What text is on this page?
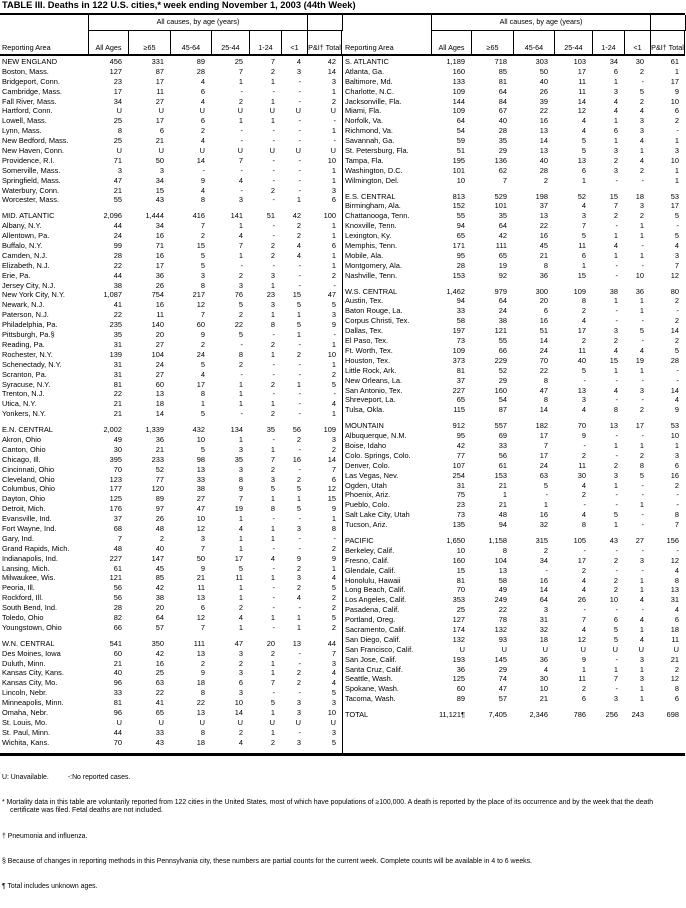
TABLE III. Deaths in 122 U.S. cities,* week ending November 1, 2003 (44th Week)
All causes, by age (years)
Reporting Area	All Ages	≥65	45-64	25-44	1-24	<1	P&I† Total
All causes, by age (years)
Reporting Area	All Ages	≥65	45-64	25-44	1-24	<1	P&I† Total
NEW ENGLAND	456	331	89	25	7	4	42
Boston, Mass.	127	87	28	7	2	3	14
Bridgeport, Conn.	23	17	4	1	1	-	3
Cambridge, Mass.	17	11	6	-	-	-	1
Fall River, Mass.	34	27	4	2	1	-	2
Hartford, Conn.	U	U	U	U	U	U	U
Lowell, Mass.	25	17	6	1	1	-	-
Lynn, Mass.	8	6	2	-	-	-	1
New Bedford, Mass.	25	21	4	-	-	-	-
New Haven, Conn.	U	U	U	U	U	U	U
Providence, R.I.	71	50	14	7	-	-	10
Somerville, Mass.	3	3	-	-	-	-	1
Springfield, Mass.	47	34	9	4	-	-	1
Waterbury, Conn.	21	15	4	-	2	-	3
Worcester, Mass.	55	43	8	3	-	1	6
MID. ATLANTIC	2,096	1,444	416	141	51	42	100
Albany, N.Y.	44	34	7	1	-	2	1
Allentown, Pa.	24	16	2	4	-	2	1
Buffalo, N.Y.	99	71	15	7	2	4	6
Camden, N.J.	28	16	5	1	2	4	1
Elizabeth, N.J.	22	17	5	-	-	-	1
Erie, Pa.	44	36	3	2	3	-	2
Jersey City, N.J.	38	26	8	3	1	-	-
New York City, N.Y.	1,087	754	217	76	23	15	47
Newark, N.J.	41	16	12	5	3	5	5
Paterson, N.J.	22	11	7	2	1	1	3
Philadelphia, Pa.	235	140	60	22	8	5	9
Pittsburgh, Pa.§	35	20	9	5	-	1	-
Reading, Pa.	31	27	2	-	2	-	1
Rochester, N.Y.	139	104	24	8	1	2	10
Schenectady, N.Y.	31	24	5	2	-	-	1
Scranton, Pa.	31	27	4	-	-	-	2
Syracuse, N.Y.	81	60	17	1	2	1	5
Trenton, N.J.	22	13	8	1	-	-	-
Utica, N.Y.	21	18	1	1	1	-	4
Yonkers, N.Y.	21	14	5	-	2	-	1
E.N. CENTRAL	2,002	1,339	432	134	35	56	109
Akron, Ohio	49	36	10	1	-	2	3
Canton, Ohio	30	21	5	3	1	-	2
Chicago, Ill.	395	233	98	35	7	16	14
Cincinnati, Ohio	70	52	13	3	2	-	7
Cleveland, Ohio	123	77	33	8	3	2	6
Columbus, Ohio	177	120	38	9	5	5	12
Dayton, Ohio	125	89	27	7	1	1	15
Detroit, Mich.	176	97	47	19	8	5	9
Evansville, Ind.	37	26	10	1	-	-	1
Fort Wayne, Ind.	68	48	12	4	1	3	8
Gary, Ind.	7	2	3	1	1	-	-
Grand Rapids, Mich.	48	40	7	1	-	-	2
Indianapolis, Ind.	227	147	50	17	4	9	9
Lansing, Mich.	61	45	9	5	-	2	1
Milwaukee, Wis.	121	85	21	11	1	3	4
Peoria, Ill.	56	42	11	1	-	2	5
Rockford, Ill.	56	38	13	1	-	4	2
South Bend, Ind.	28	20	6	2	-	-	2
Toledo, Ohio	82	64	12	4	1	1	5
Youngstown, Ohio	66	57	7	1	-	1	2
W.N. CENTRAL	541	350	111	47	20	13	44
Des Moines, Iowa	60	42	13	3	2	-	7
Duluth, Minn.	21	16	2	2	1	-	3
Kansas City, Kans.	40	25	9	3	1	2	4
Kansas City, Mo.	96	63	18	6	7	2	4
Lincoln, Nebr.	33	22	8	3	-	-	5
Minneapolis, Minn.	81	41	22	10	5	3	3
Omaha, Nebr.	96	65	13	14	1	3	10
St. Louis, Mo.	U	U	U	U	U	U	U
St. Paul, Minn.	44	33	8	2	1	-	3
Wichita, Kans.	70	43	18	4	2	3	5
S. ATLANTIC	1,189	718	303	103	34	30	61
Atlanta, Ga.	160	85	50	17	6	2	1
Baltimore, Md.	133	81	40	11	1	-	17
Charlotte, N.C.	109	64	26	11	3	5	9
Jacksonville, Fla.	144	84	39	14	4	2	10
Miami, Fla.	109	67	22	12	4	4	6
Norfolk, Va.	64	40	16	4	1	3	2
Richmond, Va.	54	28	13	4	6	3	-
Savannah, Ga.	59	35	14	5	1	4	1
St. Petersburg, Fla.	51	29	13	5	3	1	3
Tampa, Fla.	195	136	40	13	2	4	10
Washington, D.C.	101	62	28	6	3	2	1
Wilmington, Del.	10	7	2	1	-	-	1
E.S. CENTRAL	813	529	198	52	15	18	53
Birmingham, Ala.	152	101	37	4	7	3	17
Chattanooga, Tenn.	55	35	13	3	2	2	5
Knoxville, Tenn.	94	64	22	7	-	1	-
Lexington, Ky.	65	42	16	5	1	1	5
Memphis, Tenn.	171	111	45	11	4	-	4
Mobile, Ala.	95	65	21	6	1	1	3
Montgomery, Ala.	28	19	8	1	-	-	7
Nashville, Tenn.	153	92	36	15	-	10	12
W.S. CENTRAL	1,462	979	300	109	38	36	80
Austin, Tex.	94	64	20	8	1	1	2
Baton Rouge, La.	33	24	6	2	-	1	-
Corpus Christi, Tex.	58	38	16	4	-	-	2
Dallas, Tex.	197	121	51	17	3	5	14
El Paso, Tex.	73	55	14	2	2	-	2
Ft. Worth, Tex.	109	66	24	11	4	4	5
Houston, Tex.	373	229	70	40	15	19	28
Little Rock, Ark.	81	52	22	5	1	1	-
New Orleans, La.	37	29	8	-	-	-	-
San Antonio, Tex.	227	160	47	13	4	3	14
Shreveport, La.	65	54	8	3	-	-	4
Tulsa, Okla.	115	87	14	4	8	2	9
MOUNTAIN	912	557	182	70	13	17	53
Albuquerque, N.M.	95	69	17	9	-	-	10
Boise, Idaho	42	33	7	-	1	1	1
Colo. Springs, Colo.	77	56	17	2	-	2	3
Denver, Colo.	107	61	24	11	2	8	6
Las Vegas, Nev.	254	153	63	30	3	5	16
Ogden, Utah	31	21	5	4	1	-	2
Phoenix, Ariz.	75	1	-	2	-	-	-
Pueblo, Colo.	23	21	1	-	-	1	-
Salt Lake City, Utah	73	48	16	4	5	-	8
Tucson, Ariz.	135	94	32	8	1	-	7
PACIFIC	1,650	1,158	315	105	43	27	156
Berkeley, Calif.	10	8	2	-	-	-	-
Fresno, Calif.	160	104	34	17	2	3	12
Glendale, Calif.	15	13	-	2	-	-	4
Honolulu, Hawaii	81	58	16	4	2	1	8
Long Beach, Calif.	70	49	14	4	2	1	13
Los Angeles, Calif.	353	249	64	26	10	4	31
Pasadena, Calif.	25	22	3	-	-	-	4
Portland, Oreg.	127	78	31	7	6	4	6
Sacramento, Calif.	174	132	32	4	5	1	18
San Diego, Calif.	132	93	18	12	5	4	11
San Francisco, Calif.	U	U	U	U	U	U	U
San Jose, Calif.	193	145	36	9	-	3	21
Santa Cruz, Calif.	36	29	4	1	1	1	2
Seattle, Wash.	125	74	30	11	7	3	12
Spokane, Wash.	60	47	10	2	-	1	8
Tacoma, Wash.	89	57	21	6	3	1	6
TOTAL	11,121¶	7,405	2,346	786	256	243	698

U: Unavailable.          -:No reported cases.

* Mortality data in this table are voluntarily reported from 122 cities in the United States, most of which have populations of ≥100,000. A death is reported by the place of its occurrence and by the week that the death certificate was filed. Fetal deaths are not included.

† Pneumonia and influenza.

§ Because of changes in reporting methods in this Pennsylvania city, these numbers are partial counts for the current week. Complete counts will be available in 4 to 6 weeks.

¶ Total includes unknown ages.
